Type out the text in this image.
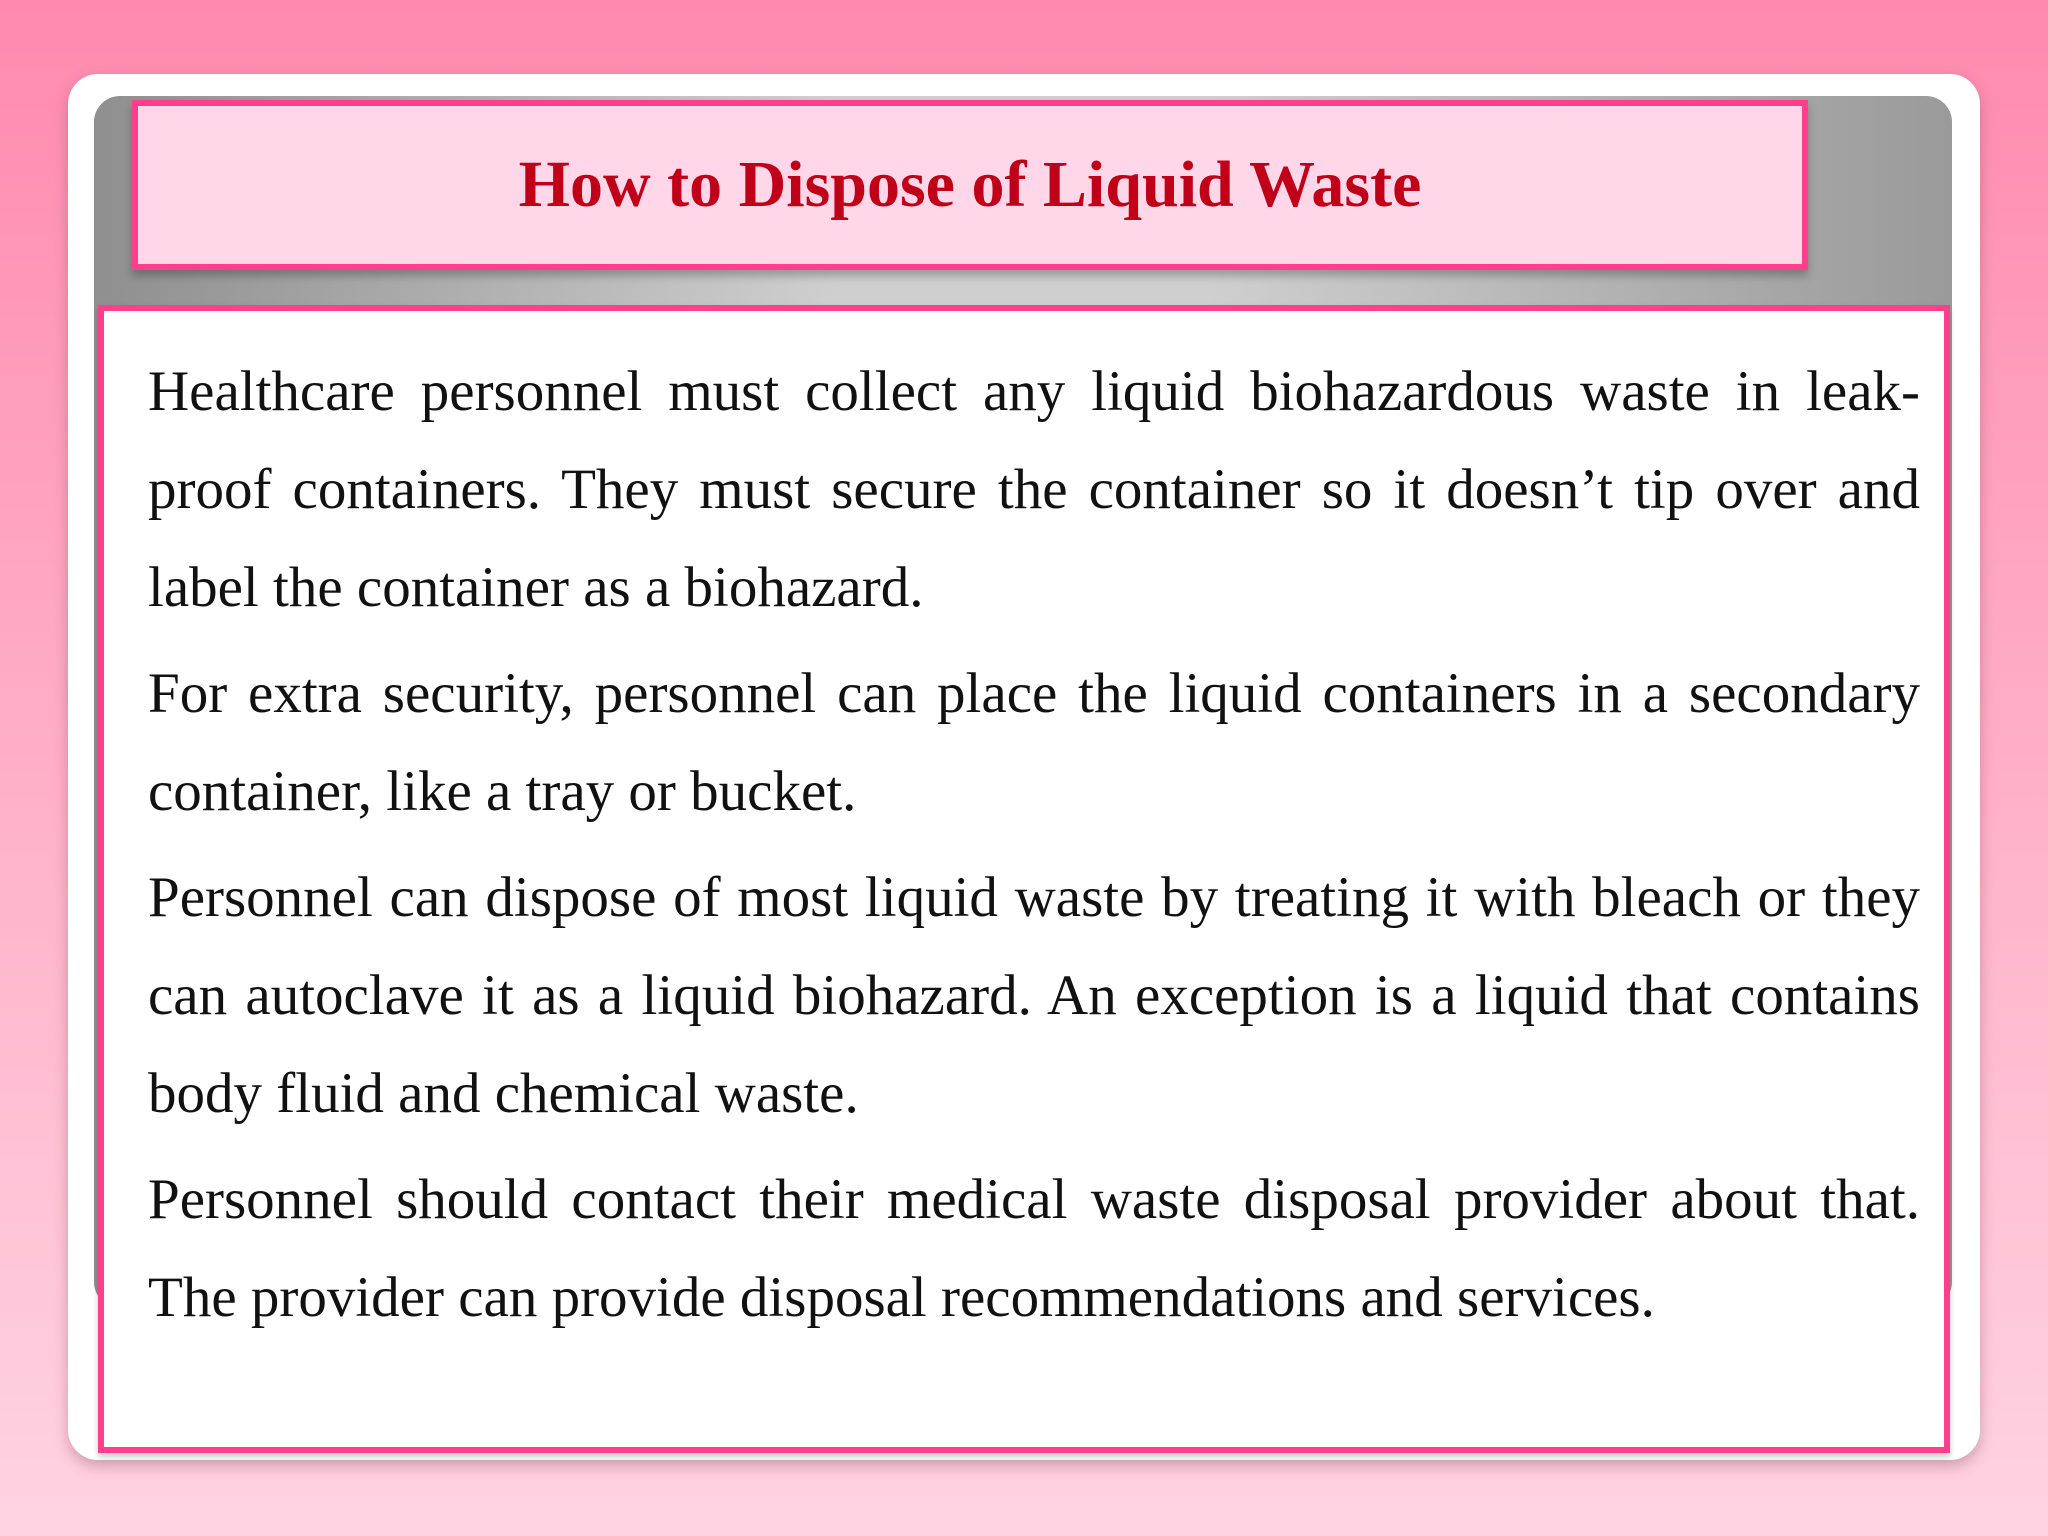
How to Dispose of Liquid Waste

Healthcare personnel must collect any liquid biohazardous waste in leak-proof containers. They must secure the container so it doesn’t tip over and label the container as a biohazard.

For extra security, personnel can place the liquid containers in a secondary container, like a tray or bucket.

Personnel can dispose of most liquid waste by treating it with bleach or they can autoclave it as a liquid biohazard. An exception is a liquid that contains body fluid and chemical waste.

Personnel should contact their medical waste disposal provider about that. The provider can provide disposal recommendations and services.
